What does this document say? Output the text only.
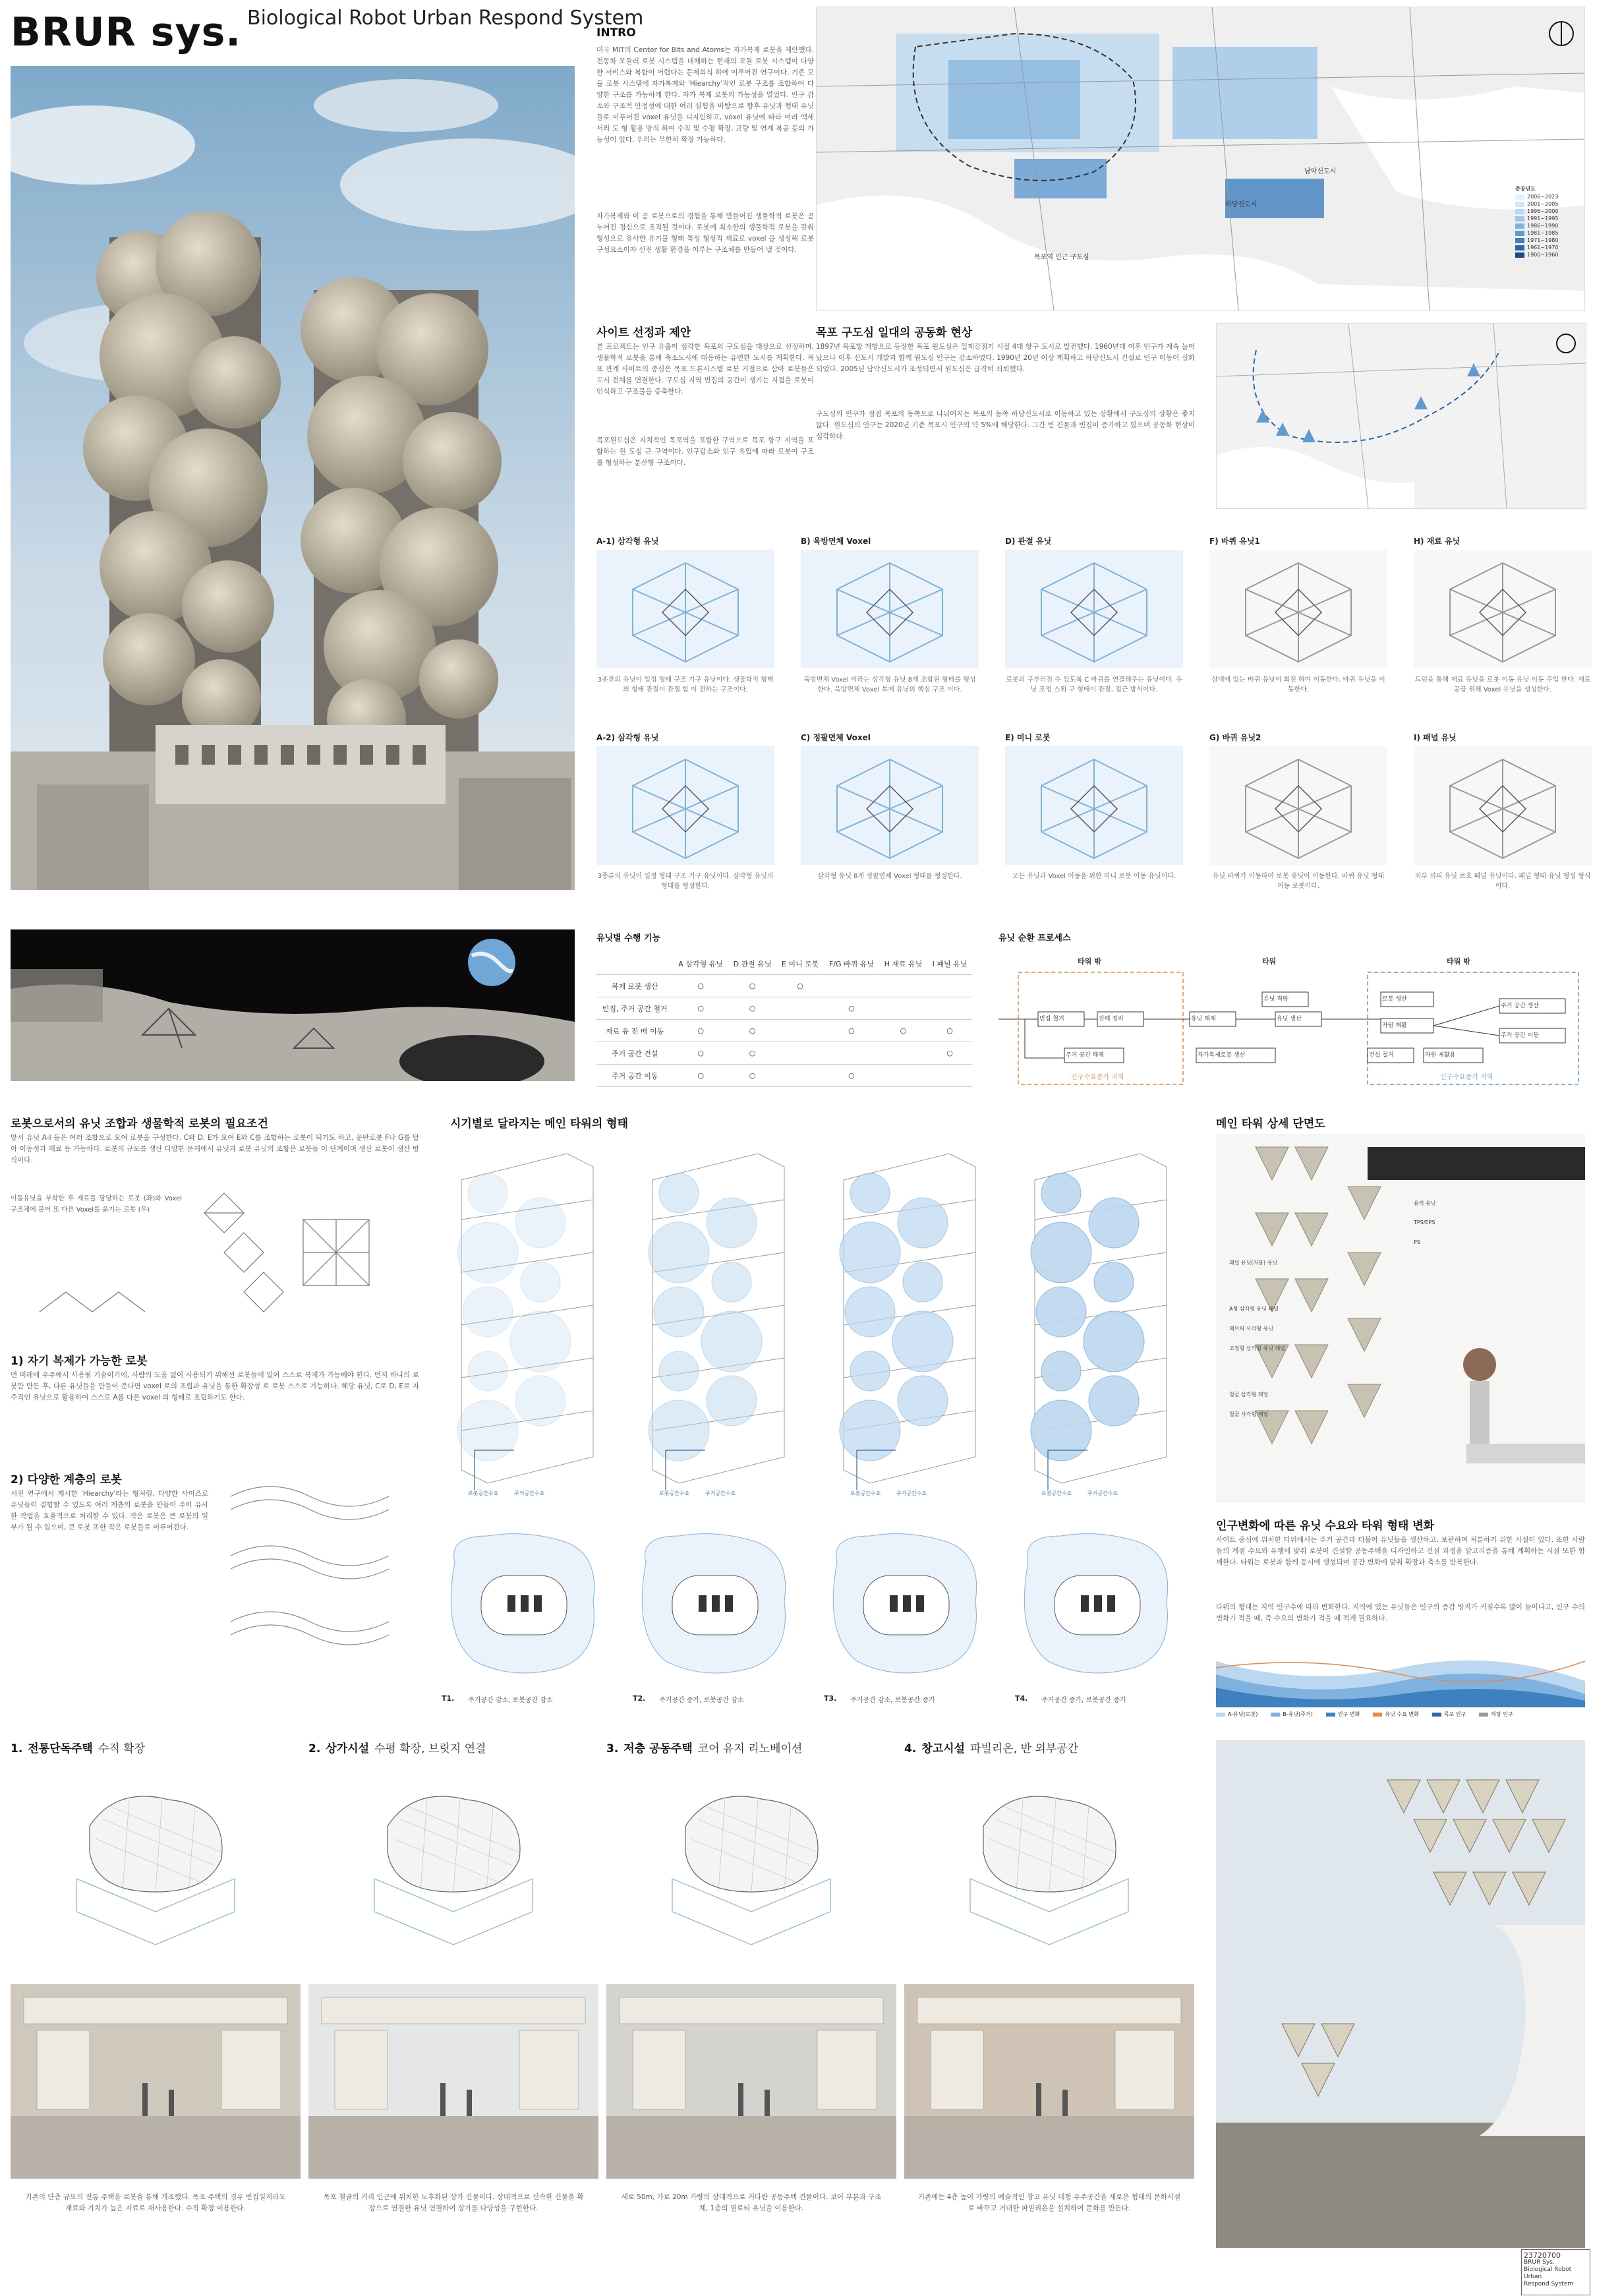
BRUR sys. Biological Robot Urban Respond System
INTRO
미국 MIT의 Center for Bits and Atoms는 자가복제 로봇을 제안했다. 전동차 모듈러 로봇 시스템을 대체하는 현재의 모듈 로봇 시스템이 다양한 서비스와 복합이 어렵다는 문제의식 하에 이루어진 연구이다. 기존 모듈 로봇 시스템에 자가복제와 'Hiearchy'적인 로봇 구조를 조합하여 다양한 구조를 가능하게 한다. 자가 복제 로봇의 가능성을 열었다. 인구 감소와 구조적 안정성에 대한 여러 실험을 바탕으로 향후 유닛과 형태 유닛들로 이루어진 voxel 유닛을 디자인하고, voxel 유닛에 따라 여러 액세서리 도 형 활용 방식 하여 수직 및 수평 확장, 교량 및 연계 복공 등의 가능성이 있다. 우리는 무한히 확장 가능하다.
자가복제와 이 곧 로봇으로의 경험을 통해 만들어진 생물학적 로봇은 곧 누어진 정신으로 조직될 것이다. 로봇에 최소한의 생물학적 로봇을 갖춰 형성으로 유사한 유기물 형태 특성 형성적 재료로 voxel 을 생성해 로봇 구성요소이자 신진 생활 환경을 이루는 구조체를 만들어 낼 것이다.
사이트 선정과 제안
본 프로젝트는 인구 유출이 심각한 목포의 구도심을 대상으로 선정하며, 생물학적 로봇을 통해 축소도시에 대응하는 유연한 도시를 계획한다. 목포 관계 사이트의 중심은 목포 드론시스템 로봇 거점으로 삼아 로봇들은 도시 전체를 연결한다. 구도심 지역 빈집의 공간이 생기는 지점을 로봇이 인식하고 구조물을 증축한다.
목포원도심은 자치적인 목포역을 포함한 구역으로 목포 항구 지역을 포함하는 원 도심 근 구역이다. 인구감소와 인구 유입에 따라 로봇이 구조를 형성하는 분산형 구조이다.
남악신도시
하당신도시
목포역 인근 구도심
준공년도
2006~2023
2001~2005
1996~2000
1991~1995
1986~1990
1981~1985
1971~1980
1961~1970
1900~1960
목포 구도심 일대의 공동화 현상
1897년 목포항 개항으로 등장한 목포 원도심은 일제강점기 시절 4대 항구 도시로 발전했다. 1960년대 이후 인구가 계속 늘어났으나 이후 신도시 개발과 함께 원도심 인구는 감소하였다. 1990년 20년 이상 계획하고 하당신도시 건설로 인구 이동이 심화 되었다. 2005년 남악신도시가 조성되면서 원도심은 급격히 쇠퇴했다.
구도심의 인구가 점점 목포의 동쪽으로 나뉘어지는 목포의 동쪽 하당신도시로 이동하고 있는 상황에서 구도심의 상황은 좋지 않다. 원도심의 인구는 2020년 기준 목포시 인구의 약 5%에 해당한다. 그간 빈 건물과 빈집이 증가하고 있으며 공동화 현상이 심각하다.
A-1) 삼각형 유닛
3종류의 유닛이 일정 형태 구조 기구 유닛이다. 생물학적 형태의 형태 관절이 관절 힘 이 전하는 구조이다.
B) 육방면체 Voxel
육방면체 Voxel 이라는 삼각형 유닛 8개 조합된 형태를 형성한다. 육방면체 Voxel 복제 유닛의 핵심 구조 이다.
D) 관절 유닛
로봇의 구부러짐 수 있도록 C 바퀴를 연결해주는 유닛이다. 유닛 조정 스위 구 형태이 관절, 접근 방식이다.
F) 바퀴 유닛1
삼대에 있는 바퀴 유닛이 회전 하며 이동한다. 바퀴 유닛을 이동한다.
H) 재료 유닛
드럼을 통해 재료 유닛을 로봇 이동 유닛 이동 주입 한다. 재료 공급 위해 Voxel 유닛을 생성한다.
A-2) 삼각형 유닛
3종류의 유닛이 일정 형태 구조 기구 유닛이다. 삼각형 유닛의 형태를 형성한다.
C) 정팔면체 Voxel
삼각형 유닛 8개 정팔면체 Voxel 형태를 형성한다.
E) 미니 로봇
모든 유닛과 Voxel 이동을 위한 미니 로봇 이동 유닛이다.
G) 바퀴 유닛2
유닛 바퀴가 이동하여 로봇 유닛이 이동한다. 바퀴 유닛 형태 이동 로봇이다.
I) 패널 유닛
외부 외피 유닛 보호 패널 유닛이다. 패널 형태 유닛 형성 형식이다.
유닛별 수행 기능
	A 삼각형 유닛	D 관절 유닛	E 미니 로봇	F/G 바퀴 유닛	H 재료 유닛	I 패널 유닛
복제 로봇 생산	○	○	○			
빈집, 주거 공간 철거	○	○		○		
재료 유 전 배 이동	○	○		○	○	○
주거 공간 건설	○	○				○
주거 공간 이동	○	○		○		
유닛 순환 프로세스
타워 밖	타워	타워 밖
빈집 철거	잔해 정리
주거 공간 해체
유닛 해체
자가복제로봇 생산
유닛 적량
유닛 생산
로봇 생산
자원 재활
건설 철거	자원 재활용
주거 공간 생산
주거 공간 이동
인구수요증가 지역	인구수요증가 지역
로봇으로서의 유닛 조합과 생물학적 로봇의 필요조건
앞서 유닛 A-I 등은 여러 조합으로 모여 로봇을 구성한다. C와 D, E가 모여 E와 C를 조합하는 로봇이 되기도 하고, 운반로봇 F나 G를 달아 이동성과 재료 등 가능하다. 로봇의 규모를 생산 다양한 문제에서 유닛과 로봇 유닛의 조합은 로봇들 이 단계이며 생산 로봇이 생산 방식이다.
이동유닛을 부착한 후 재료를 담당하는 로봇 (좌)와 Voxel 구조체에 붙어 또 다른 Voxel를 옮기는 로봇 (우)
1) 자기 복제가 가능한 로봇
먼 미래에 우주에서 사용될 기술이기에, 사람의 도움 없이 사용되기 위해선 로봇들에 있어 스스로 복제가 가능해야 한다. 먼저 하나의 로봇만 만든 후, 다른 유닛들을 만들어 준다면 voxel 로의 조립과 유닛을 통한 확장성 로 로봇 스스로 가능하다. 해당 유닛, C로 D, E로 자주적인 유닛으로 활용하여 스스로 A를 다른 voxel 의 형태로 조립하기도 한다.
2) 다양한 계층의 로봇
서전 연구에서 제시한 'Hiearchy'라는 형처럼, 다양한 사이즈로 유닛들이 결합할 수 있도록 여러 계층의 로봇을 만들어 주어 유사한 작업을 효율적으로 처리할 수 있다. 작은 로봇은 큰 로봇의 일부가 될 수 있으며, 큰 로봇 또한 작은 로봇들로 이루어진다.
시기별로 달라지는 메인 타워의 형태
T1. 주거공간 감소, 로봇공간 감소
로봇공간수요	주거공간수요
T2. 주거공간 증가, 로봇공간 감소
로봇공간수요	주거공간수요
T3. 주거공간 감소, 로봇공간 증가
로봇공간수요	주거공간수요
T4. 주거공간 증가, 로봇공간 증가
로봇공간수요	주거공간수요
메인 타워 상세 단면도
유리 유닛
TPS/EPS
PS
패널 유닛(지붕) 유닛
A형 삼각형 유닛 패널
패브릭 사각형 유닛
고정형 삼각형 유닛 패널
철골 삼각형 패널
철골 사각형 패널
인구변화에 따른 유닛 수요와 타워 형태 변화
사이트 중심에 위치한 타워에서는 주거 공간과 더불어 유닛들을 생산하고, 보관하며 처분하기 위한 시설이 있다. 또한 사람들의 계절 수요와 유행에 맞춰 로봇이 건설할 공동주택을 디자인하고 건설 과정을 알고리즘을 통해 계획하는 시설 또한 함께한다. 타워는 로봇과 함께 동시에 생성되며 공간 변화에 맞춰 확장과 축소를 반복한다.
타워의 형태는 지역 인구수에 따라 변화한다. 지역에 있는 유닛들은 인구의 증감 방지가 커질수록 많이 늘어나고, 인구 수의 변화가 적을 때, 즉 수요의 변화가 적을 때 적게 필요하다.
A-유닛(로봇)	B-유닛(주거)	인구 변화	유닛 수요 변화	목포 인구	하당 인구
1. 전통단독주택 수직 확장	2. 상가시설 수평 확장, 브릿지 연결	3. 저층 공동주택 코어 유지 리노베이션	4. 창고시설 파빌리온, 반 외부공간
기존의 단층 규모의 전통 주택을 로봇을 통해 개조했다. 목조 주택의 경우 빈집일지라도 재료와 가치가 높은 자료로 재사용한다. 수직 확장 이용한다.
목포 철골의 거리 인근에 위치한 노후화된 상가 건물이다. 상대적으로 신속한 건물을 확장으로 연결한 유닛 연결하여 상가를 다양성을 구현한다.
세로 50m, 가로 20m 가량의 상대적으로 커다란 공동주택 건물이다. 코어 부분과 구조체, 1층의 필로티 유닛을 이용한다.
기존에는 4층 높이 가량의 예술적인 창고 유닛 대형 우주공간을 새로운 형태의 문화시설로 바꾸고 거대한 파빌리온을 설치하여 문화를 만든다.
23720700
BRUR Sys.
Biological Robot Urban
Respond System
